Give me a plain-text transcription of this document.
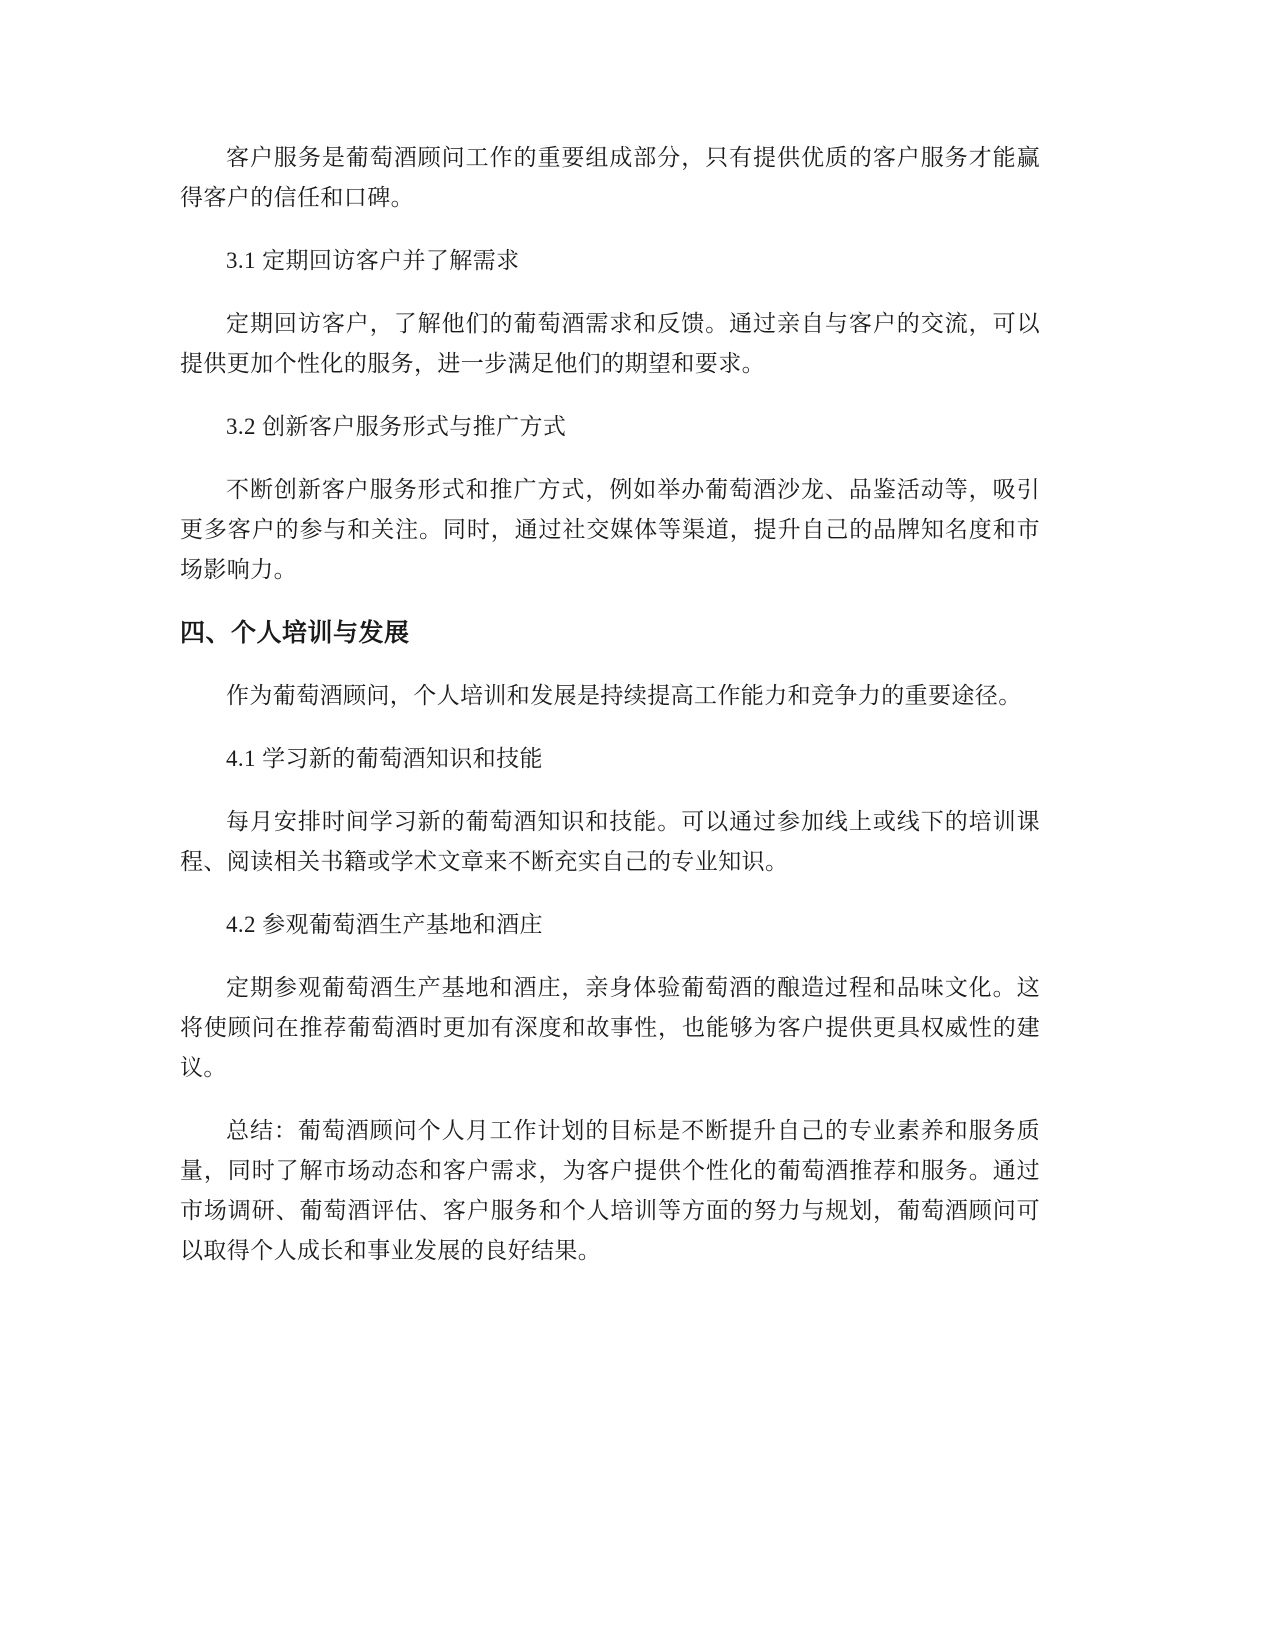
客户服务是葡萄酒顾问工作的重要组成部分，只有提供优质的客户服务才能赢得客户的信任和口碑。

3.1 定期回访客户并了解需求

定期回访客户，了解他们的葡萄酒需求和反馈。通过亲自与客户的交流，可以提供更加个性化的服务，进一步满足他们的期望和要求。

3.2 创新客户服务形式与推广方式

不断创新客户服务形式和推广方式，例如举办葡萄酒沙龙、品鉴活动等，吸引更多客户的参与和关注。同时，通过社交媒体等渠道，提升自己的品牌知名度和市场影响力。

四、个人培训与发展

作为葡萄酒顾问，个人培训和发展是持续提高工作能力和竞争力的重要途径。

4.1 学习新的葡萄酒知识和技能

每月安排时间学习新的葡萄酒知识和技能。可以通过参加线上或线下的培训课程、阅读相关书籍或学术文章来不断充实自己的专业知识。

4.2 参观葡萄酒生产基地和酒庄

定期参观葡萄酒生产基地和酒庄，亲身体验葡萄酒的酿造过程和品味文化。这将使顾问在推荐葡萄酒时更加有深度和故事性，也能够为客户提供更具权威性的建议。

总结：葡萄酒顾问个人月工作计划的目标是不断提升自己的专业素养和服务质量，同时了解市场动态和客户需求，为客户提供个性化的葡萄酒推荐和服务。通过市场调研、葡萄酒评估、客户服务和个人培训等方面的努力与规划，葡萄酒顾问可以取得个人成长和事业发展的良好结果。
